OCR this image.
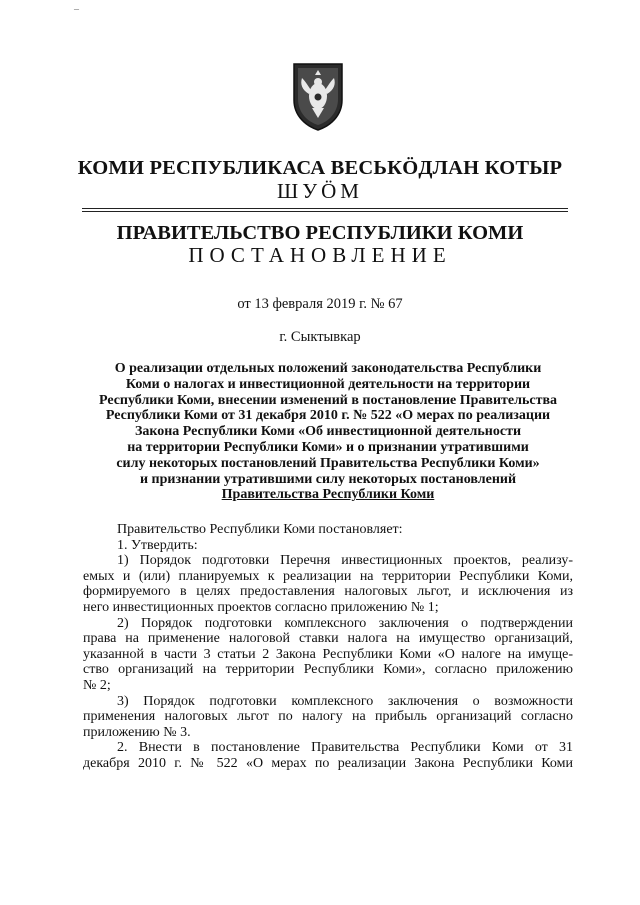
–
КОМИ РЕСПУБЛИКАСА ВЕСЬКӦДЛАН КОТЫР
ШУӦМ
ПРАВИТЕЛЬСТВО РЕСПУБЛИКИ КОМИ
ПОСТАНОВЛЕНИЕ
от 13 февраля 2019 г. № 67
г. Сыктывкар
О реализации отдельных положений законодательства Республики
Коми о налогах и инвестиционной деятельности на территории
Республики Коми, внесении изменений в постановление Правительства
Республики Коми от 31 декабря 2010 г. № 522 «О мерах по реализации
Закона Республики Коми «Об инвестиционной деятельности
на территории Республики Коми» и о признании утратившими
силу некоторых постановлений Правительства Республики Коми»
и признании утратившими силу некоторых постановлений
Правительства Республики Коми

Правительство Республики Коми постановляет:

1. Утвердить:

1) Порядок подготовки Перечня инвестиционных проектов, реализу-
емых и (или) планируемых к реализации на территории Республики Коми,
формируемого в целях предоставления налоговых льгот, и исключения из
него инвестиционных проектов согласно приложению № 1;

2) Порядок подготовки комплексного заключения о подтверждении
права на применение налоговой ставки налога на имущество организаций,
указанной в части 3 статьи 2 Закона Республики Коми «О налоге на имуще-
ство организаций на территории Республики Коми», согласно приложению
№ 2;

3) Порядок подготовки комплексного заключения о возможности
применения налоговых льгот по налогу на прибыль организаций согласно
приложению № 3.

2. Внести в постановление Правительства Республики Коми от 31
декабря 2010 г. № 522 «О мерах по реализации Закона Республики Коми
